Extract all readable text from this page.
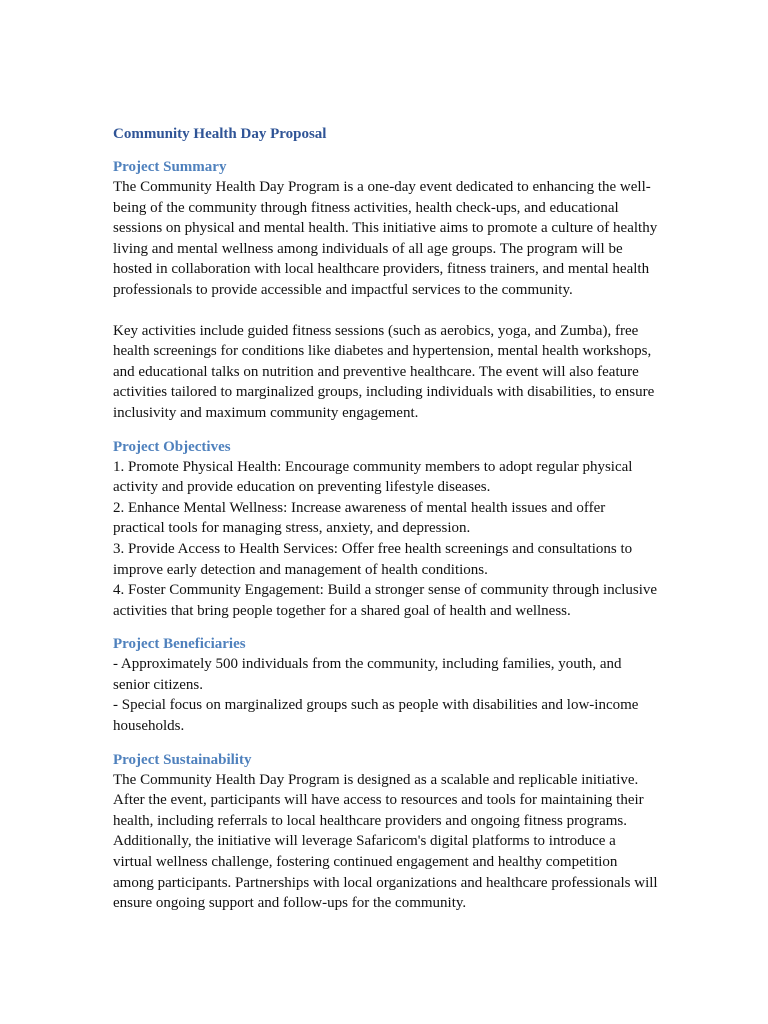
Community Health Day Proposal
Project Summary

The Community Health Day Program is a one-day event dedicated to enhancing the well-being of the community through fitness activities, health check-ups, and educational sessions on physical and mental health. This initiative aims to promote a culture of healthy living and mental wellness among individuals of all age groups. The program will be hosted in collaboration with local healthcare providers, fitness trainers, and mental health professionals to provide accessible and impactful services to the community.

Key activities include guided fitness sessions (such as aerobics, yoga, and Zumba), free health screenings for conditions like diabetes and hypertension, mental health workshops, and educational talks on nutrition and preventive healthcare. The event will also feature activities tailored to marginalized groups, including individuals with disabilities, to ensure inclusivity and maximum community engagement.

Project Objectives

1. Promote Physical Health: Encourage community members to adopt regular physical activity and provide education on preventing lifestyle diseases.

2. Enhance Mental Wellness: Increase awareness of mental health issues and offer practical tools for managing stress, anxiety, and depression.

3. Provide Access to Health Services: Offer free health screenings and consultations to improve early detection and management of health conditions.

4. Foster Community Engagement: Build a stronger sense of community through inclusive activities that bring people together for a shared goal of health and wellness.

Project Beneficiaries

- Approximately 500 individuals from the community, including families, youth, and senior citizens.

- Special focus on marginalized groups such as people with disabilities and low-income households.

Project Sustainability

The Community Health Day Program is designed as a scalable and replicable initiative. After the event, participants will have access to resources and tools for maintaining their health, including referrals to local healthcare providers and ongoing fitness programs. Additionally, the initiative will leverage Safaricom's digital platforms to introduce a virtual wellness challenge, fostering continued engagement and healthy competition among participants. Partnerships with local organizations and healthcare professionals will ensure ongoing support and follow-ups for the community.
